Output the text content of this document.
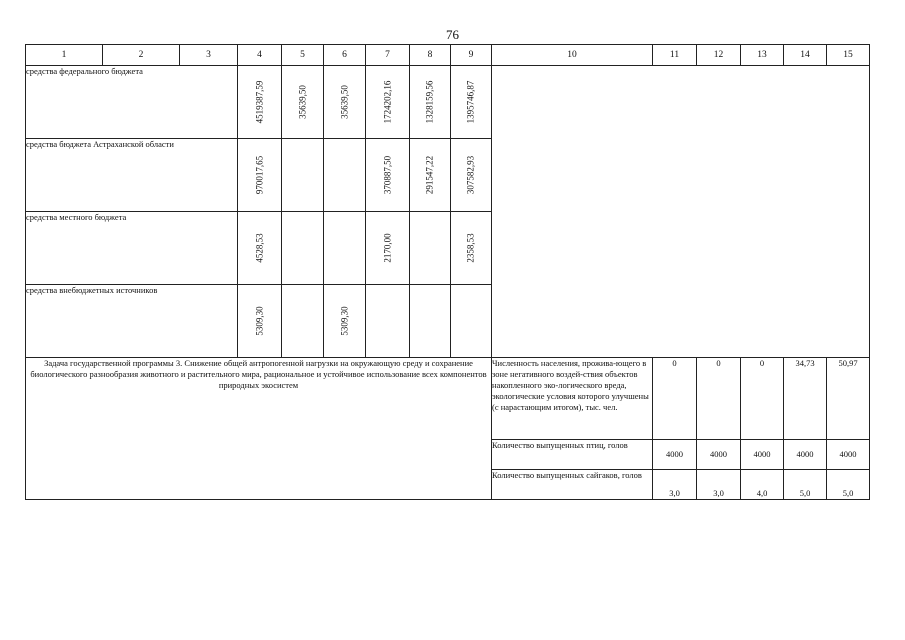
76
1	2	3	4	5	6	7	8	9	10	11	12	13	14	15
средства федерального бюджета			4519387,59	35639,50	35639,50	1724202,16	1328159,56	1395746,87						

средства бюджета Астраханской области			970017,65			370887,50	291547,22	307582,93						

средства местного бюджета			4528,53			2170,00		2358,53						

средства внебюджетных источников			5309,30		5309,30									

Задача государственной программы 3. Снижение общей антропогенной нагрузки на окружающую среду и сохранение биологического разнообразия животного и растительного мира, рациональное и устойчивое использование всех компонентов природных экосистем									Численность населения, прожива-ющего в зоне негативного воздей-ствия объектов накопленного эко-логического вреда, экологические условия которого улучшены (с нарастающим итогом), тыс. чел.	0	0	0	34,73	50,97
									Количество выпущенных птиц, голов	4000	4000	4000	4000	4000
									Количество выпущенных сайгаков, голов	3,0	3,0	4,0	5,0	5,0
